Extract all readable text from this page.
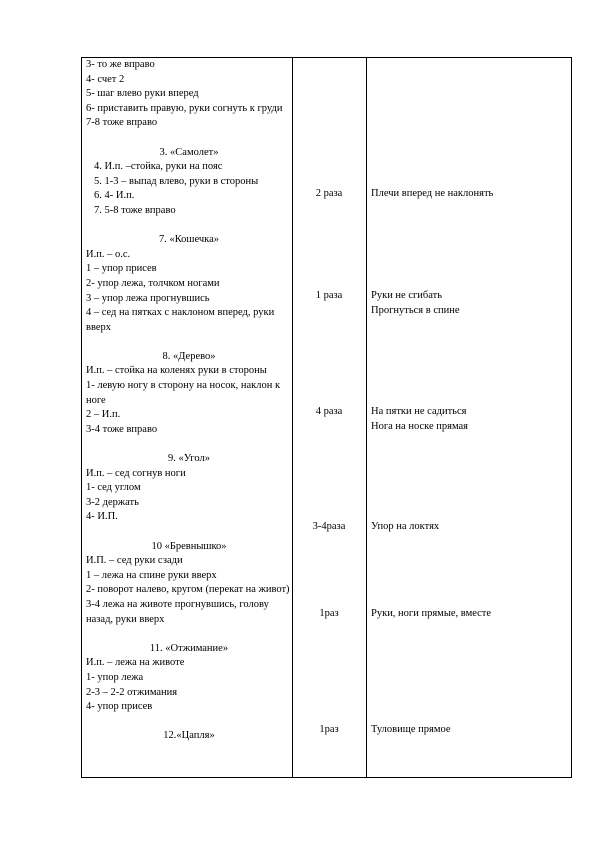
3- то же вправо
4- счет 2
5- шаг влево руки вперед
6- приставить правую, руки согнуть к груди
7-8 тоже вправо
3. «Самолет»
4. И.п. –стойка, руки на пояс
5. 1-3 – выпад влево, руки в стороны
6. 4- И.п.
7. 5-8 тоже вправо
7. «Кошечка»
И.п. – о.с.
1 – упор присев
2- упор лежа, толчком ногами
3 – упор лежа прогнувшись
4 – сед на пятках с наклоном вперед, руки вверх
8. «Дерево»
И.п. – стойка на коленях руки в стороны
1- левую ногу в сторону на носок, наклон к ноге
2 – И.п.
3-4 тоже вправо
9. «Угол»
И.п. – сед согнув ноги
1- сед углом
3-2 держать
4- И.П.
10 «Бревнышко»
И.П. – сед руки сзади
1 – лежа на спине руки вверх
2- поворот налево, кругом (перекат на живот)
3-4 лежа на животе прогнувшись, голову назад, руки вверх
11. «Отжимание»
И.п. – лежа на животе
1- упор лежа
2-3 – 2-2 отжимания
4- упор присев
12.«Цапля»
2 раза
1 раза
4 раза
3-4раза
1раз
1раз
Плечи вперед не наклонять
Руки не сгибать
Прогнуться в спине
На пятки не садиться
Нога на носке прямая
Упор на локтях
Руки, ноги прямые, вместе
Туловище прямое
